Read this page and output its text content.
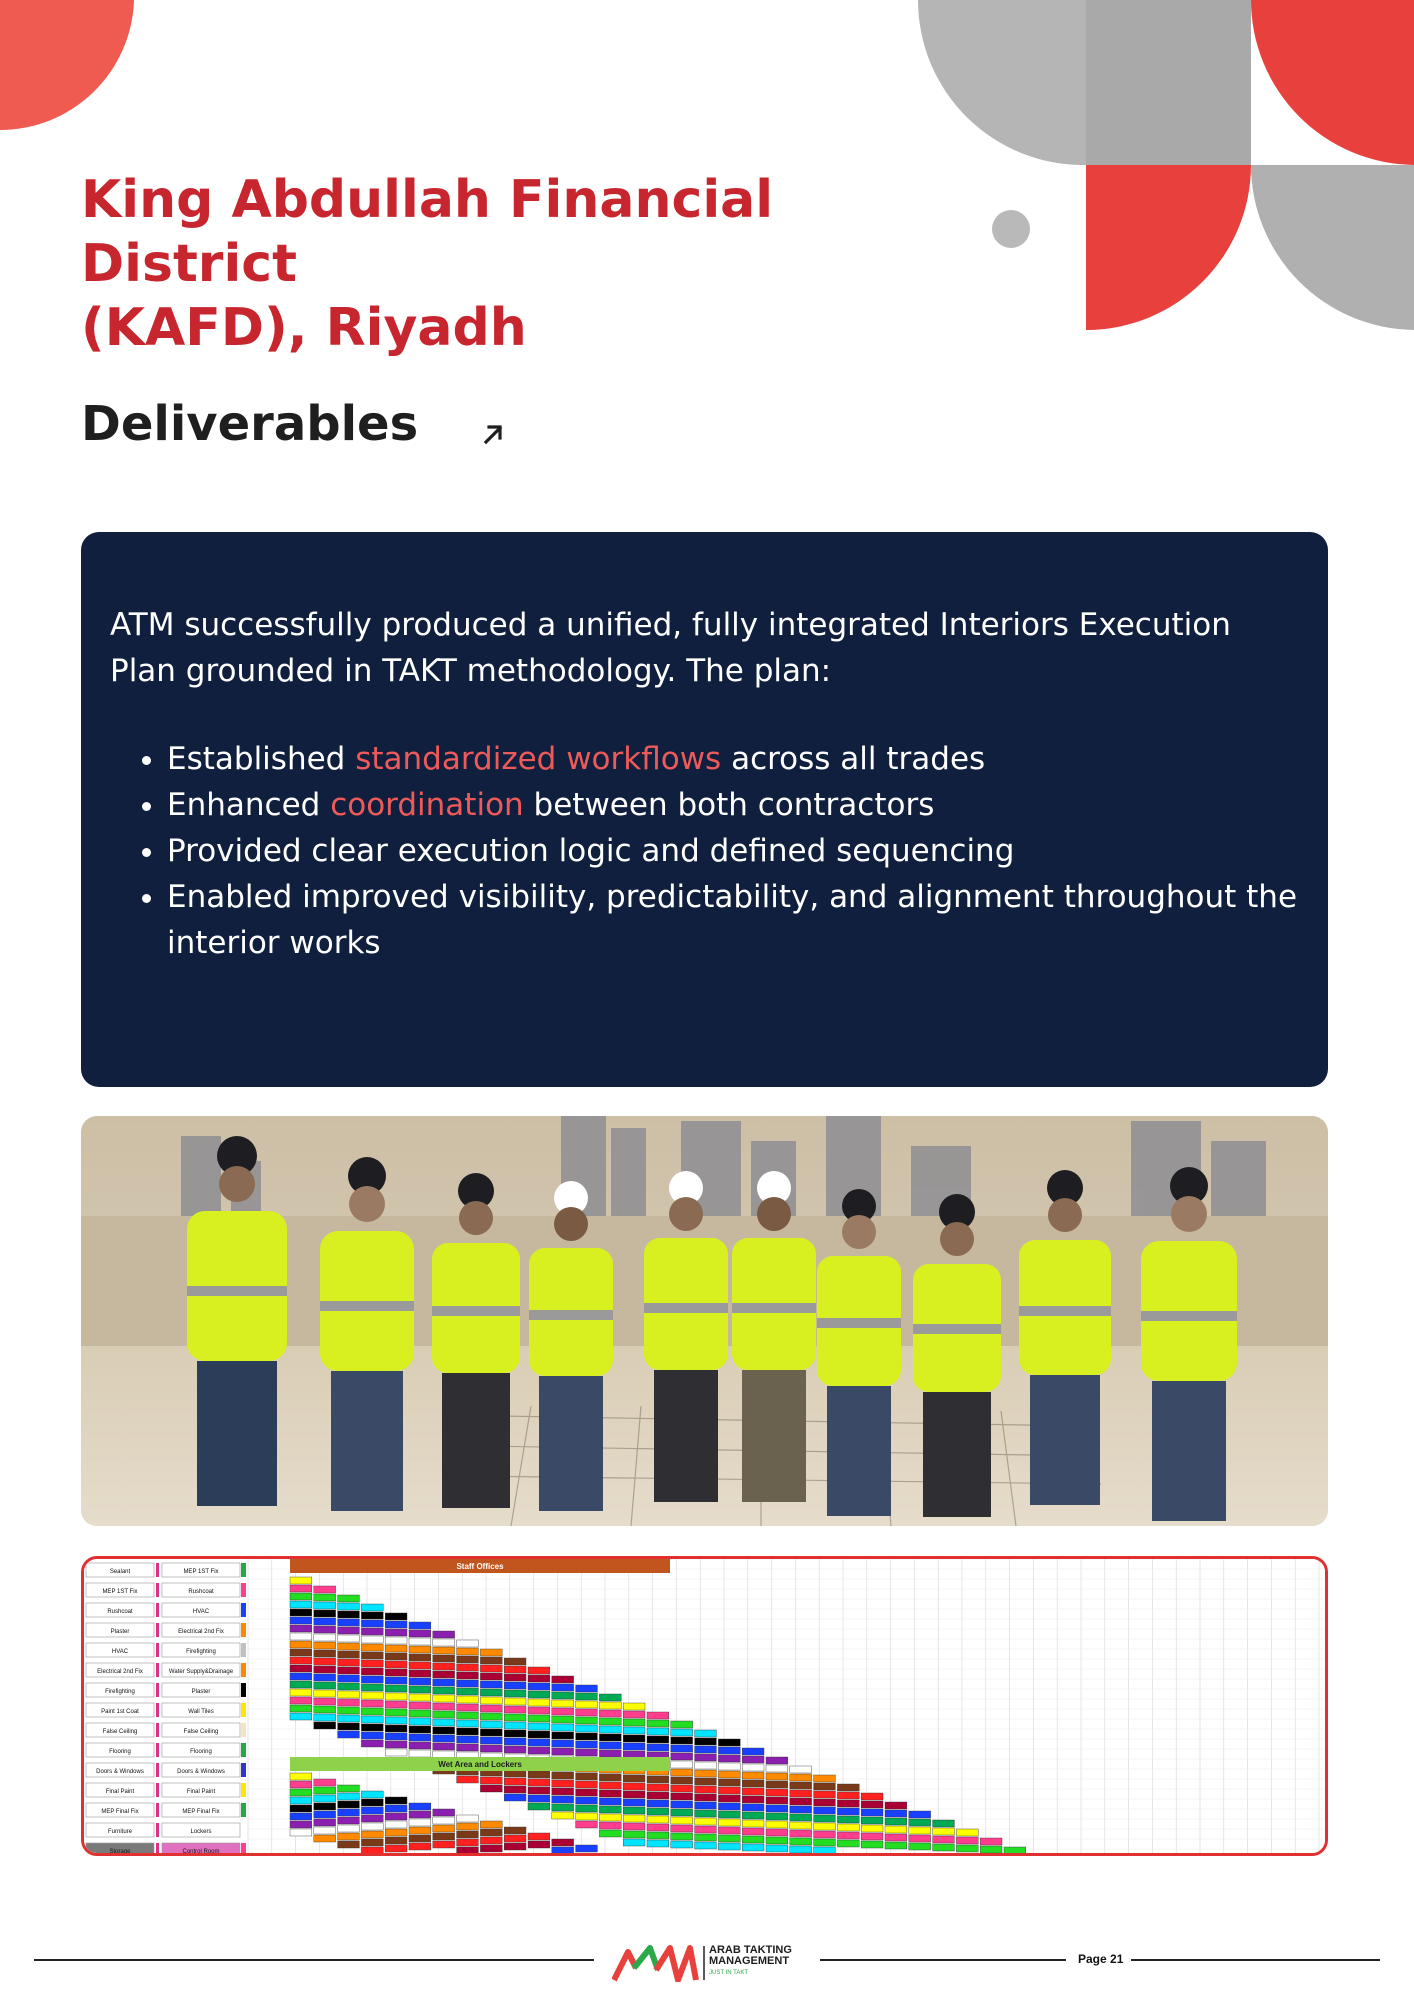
King Abdullah Financial District
(KAFD), Riyadh
Deliverables

ATM successfully produced a unified, fully integrated Interiors Execution Plan grounded in TAKT methodology. The plan:

• Established standardized workflows across all trades
• Enhanced coordination between both contractors
• Provided clear execution logic and defined sequencing
• Enabled improved visibility, predictability, and alignment throughout the interior works
Sealant	MEP 1ST Fix
MEP 1ST Fix	Rushcoat
Rushcoat	HVAC
Plaster	Electrical 2nd Fix
HVAC	Firefighting
Electrical 2nd Fix	Water Supply&Drainage
Firefighting	Plaster
Paint 1st Coat	Wall Tiles
False Ceiling	False Ceiling
Flooring	Flooring
Doors & Windows	Doors & Windows
Final Paint	Final Paint
MEP Final Fix	MEP Final Fix
Furniture	Lockers
Storage	Control Room
Staff Offices
Wet Area and Lockers

ARAB TAKTING
MANAGEMENT

JUST IN TAKT
Page 21
